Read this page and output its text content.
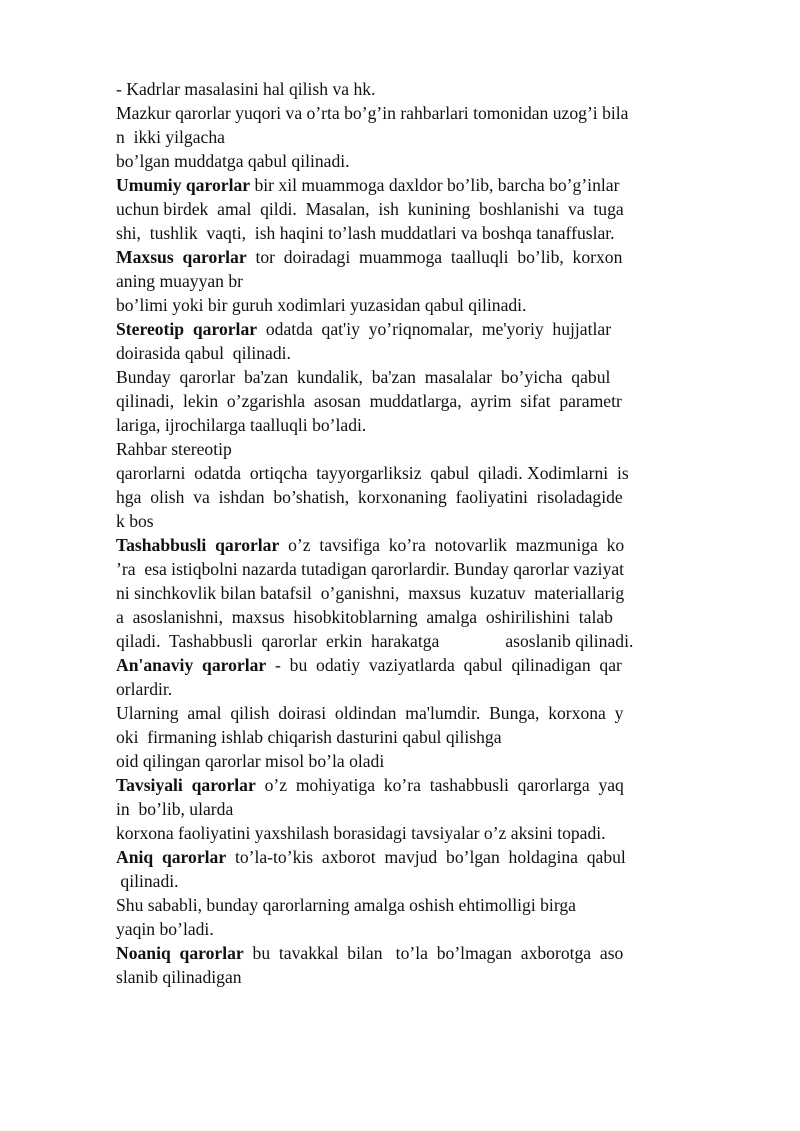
- Kadrlar masalasini hal qilish va hk.

Mazkur qarorlar yuqori va o’rta bo’g’in rahbarlari tomonidan uzog’i bila

n  ikki yilgacha

bo’lgan muddatga qabul qilinadi.

Umumiy qarorlar bir xil muammoga daxldor bo’lib, barcha bo’g’inlar

uchun birdek  amal  qildi.  Masalan,  ish  kunining  boshlanishi  va  tuga

shi,  tushlik  vaqti,  ish haqini to’lash muddatlari va boshqa tanaffuslar.

Maxsus  qarorlar  tor  doiradagi  muammoga  taalluqli  bo’lib,  korxon

aning muayyan br

bo’limi yoki bir guruh xodimlari yuzasidan qabul qilinadi.

Stereotip  qarorlar  odatda  qat'iy  yo’riqnomalar,  me'yoriy  hujjatlar

doirasida qabul  qilinadi.

Bunday  qarorlar  ba'zan  kundalik,  ba'zan  masalalar  bo’yicha  qabul

qilinadi,  lekin  o’zgarishla  asosan  muddatlarga,  ayrim  sifat  parametr

lariga, ijrochilarga taalluqli bo’ladi.

Rahbar stereotip

qarorlarni  odatda  ortiqcha  tayyorgarliksiz  qabul  qiladi. Xodimlarni  is

hga  olish  va  ishdan  bo’shatish,  korxonaning  faoliyatini  risoladagide

k bos

Tashabbusli  qarorlar  o’z  tavsifiga  ko’ra  notovarlik  mazmuniga  ko

’ra  esa istiqbolni nazarda tutadigan qarorlardir. Bunday qarorlar vaziyat

ni sinchkovlik bilan batafsil  o’ganishni,  maxsus  kuzatuv  materiallarig

a  asoslanishni,  maxsus  hisobkitoblarning  amalga  oshirilishini  talab

qiladi.  Tashabbusli  qarorlar  erkin  harakatga	asoslanib qilinadi.

An'anaviy  qarorlar  -  bu  odatiy  vaziyatlarda  qabul  qilinadigan  qar

orlardir.

Ularning  amal  qilish  doirasi  oldindan  ma'lumdir.  Bunga,  korxona  y

oki  firmaning ishlab chiqarish dasturini qabul qilishga

oid qilingan qarorlar misol bo’la oladi

Tavsiyali  qarorlar  o’z  mohiyatiga  ko’ra  tashabbusli  qarorlarga  yaq

in  bo’lib, ularda

korxona faoliyatini yaxshilash borasidagi tavsiyalar o’z aksini topadi.

Aniq  qarorlar  to’la-to’kis  axborot  mavjud  bo’lgan  holdagina  qabul

qilinadi.

Shu sababli, bunday qarorlarning amalga oshish ehtimolligi birga

yaqin bo’ladi.

Noaniq  qarorlar  bu  tavakkal  bilan   to’la  bo’lmagan  axborotga  aso

slanib qilinadigan
